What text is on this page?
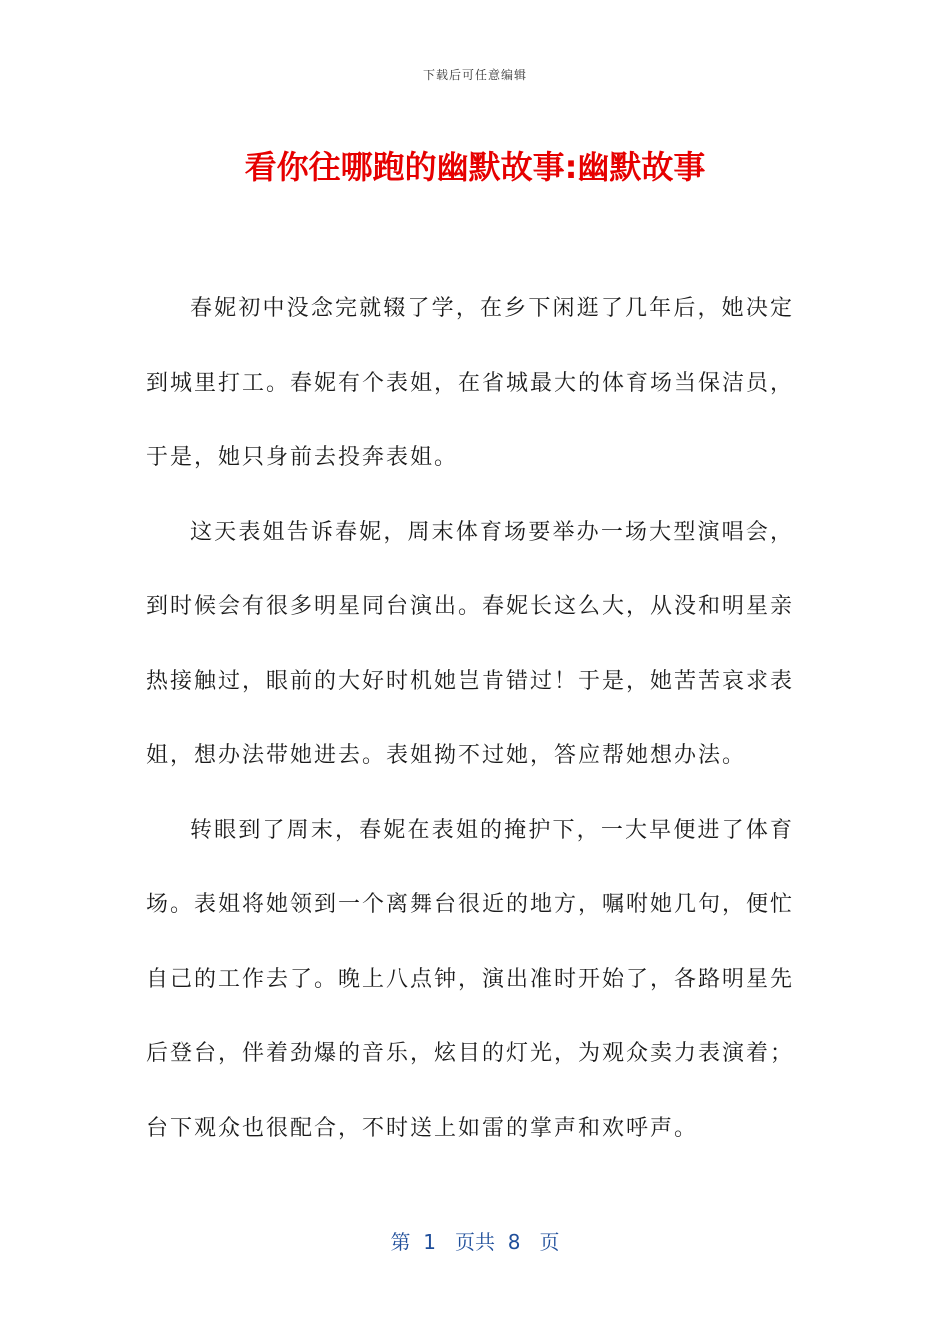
下载后可任意编辑
看你往哪跑的幽默故事:幽默故事

春妮初中没念完就辍了学，在乡下闲逛了几年后，她决定到城里打工。春妮有个表姐，在省城最大的体育场当保洁员，于是，她只身前去投奔表姐。

这天表姐告诉春妮，周末体育场要举办一场大型演唱会，到时候会有很多明星同台演出。春妮长这么大，从没和明星亲热接触过，眼前的大好时机她岂肯错过！于是，她苦苦哀求表姐，想办法带她进去。表姐拗不过她，答应帮她想办法。

转眼到了周末，春妮在表姐的掩护下，一大早便进了体育场。表姐将她领到一个离舞台很近的地方，嘱咐她几句，便忙自己的工作去了。晚上八点钟，演出准时开始了，各路明星先后登台，伴着劲爆的音乐，炫目的灯光，为观众卖力表演着；台下观众也很配合，不时送上如雷的掌声和欢呼声。

第 1 页共 8 页
